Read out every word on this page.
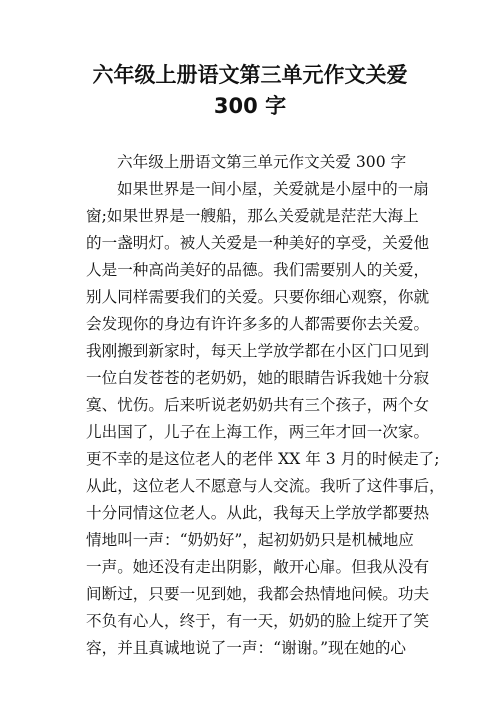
六年级上册语文第三单元作文关爱
300 字
六年级上册语文第三单元作文关爱 300 字
如果世界是一间小屋，关爱就是小屋中的一扇
窗;如果世界是一艘船，那么关爱就是茫茫大海上
的一盏明灯。被人关爱是一种美好的享受，关爱他
人是一种高尚美好的品德。我们需要别人的关爱，
别人同样需要我们的关爱。只要你细心观察，你就
会发现你的身边有许许多多的人都需要你去关爱。
我刚搬到新家时，每天上学放学都在小区门口见到
一位白发苍苍的老奶奶，她的眼睛告诉我她十分寂
寞、忧伤。后来听说老奶奶共有三个孩子，两个女
儿出国了，儿子在上海工作，两三年才回一次家。
更不幸的是这位老人的老伴 XX 年 3 月的时候走了;
从此，这位老人不愿意与人交流。我听了这件事后，
十分同情这位老人。从此，我每天上学放学都要热
情地叫一声：“奶奶好”，起初奶奶只是机械地应
一声。她还没有走出阴影，敞开心扉。但我从没有
间断过，只要一见到她，我都会热情地问候。功夫
不负有心人，终于，有一天，奶奶的脸上绽开了笑
容，并且真诚地说了一声：“谢谢。”现在她的心
